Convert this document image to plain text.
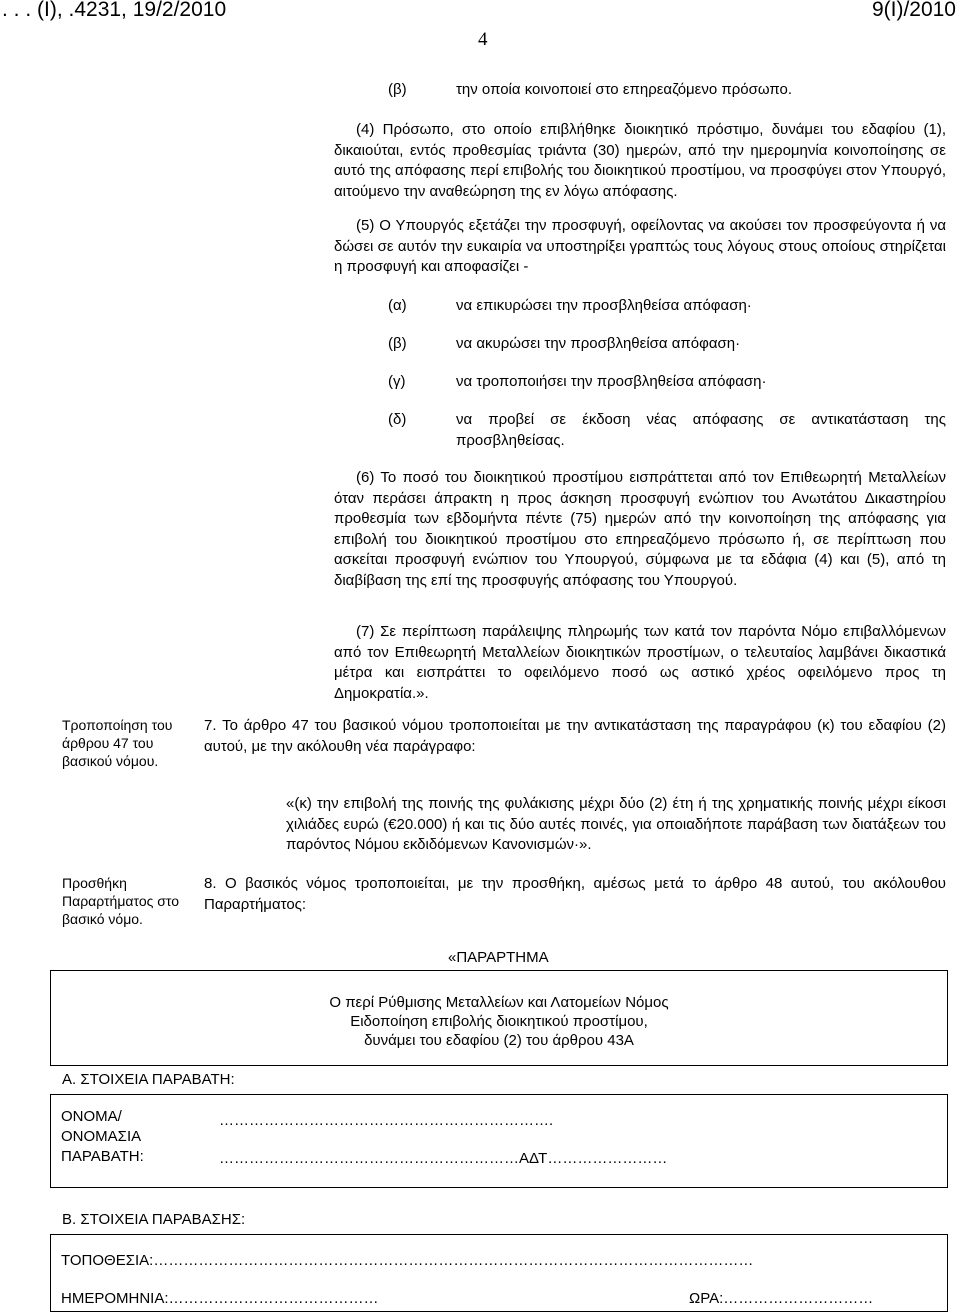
. . . (Ι), .4231, 19/2/2010	9(Ι)/2010
4
(β)	την οποία κοινοποιεί στο επηρεαζόμενο πρόσωπο.

(4) Πρόσωπο, στο οποίο επιβλήθηκε διοικητικό πρόστιμο, δυνάμει του εδαφίου (1), δικαιούται, εντός προθεσμίας τριάντα (30) ημερών, από την ημερομηνία κοινοποίησης σε αυτό της απόφασης περί επιβολής του διοικητικού προστίμου, να προσφύγει στον Υπουργό, αιτούμενο την αναθεώρηση της εν λόγω απόφασης.

(5) Ο Υπουργός εξετάζει την προσφυγή, οφείλοντας να ακούσει τον προσφεύγοντα ή να δώσει σε αυτόν την ευκαιρία να υποστηρίξει γραπτώς τους λόγους στους οποίους στηρίζεται η προσφυγή και αποφασίζει -

(α)	να επικυρώσει την προσβληθείσα απόφαση·
(β)	να ακυρώσει την προσβληθείσα απόφαση·
(γ)	να τροποποιήσει την προσβληθείσα απόφαση·
(δ)	να προβεί σε έκδοση νέας απόφασης σε αντικατάσταση της προσβληθείσας.

(6) Το ποσό του διοικητικού προστίμου εισπράττεται από τον Επιθεωρητή Μεταλλείων όταν περάσει άπρακτη η προς άσκηση προσφυγή ενώπιον του Ανωτάτου Δικαστηρίου προθεσμία των εβδομήντα πέντε (75) ημερών από την κοινοποίηση της απόφασης για επιβολή του διοικητικού προστίμου στο επηρεαζόμενο πρόσωπο ή, σε περίπτωση που ασκείται προσφυγή ενώπιον του Υπουργού, σύμφωνα με τα εδάφια (4) και (5), από τη διαβίβαση της επί της προσφυγής απόφασης του Υπουργού.

(7) Σε περίπτωση παράλειψης πληρωμής των κατά τον παρόντα Νόμο επιβαλλόμενων από τον Επιθεωρητή Μεταλλείων διοικητικών προστίμων, ο τελευταίος λαμβάνει δικαστικά μέτρα και εισπράττει το οφειλόμενο ποσό ως αστικό χρέος οφειλόμενο προς τη Δημοκρατία.».

Τροποποίηση του άρθρου 47 του βασικού νόμου.

7. Το άρθρο 47 του βασικού νόμου τροποποιείται με την αντικατάσταση της παραγράφου (κ) του εδαφίου (2) αυτού, με την ακόλουθη νέα παράγραφο:

«(κ) την επιβολή της ποινής της φυλάκισης μέχρι δύο (2) έτη ή της χρηματικής ποινής μέχρι είκοσι χιλιάδες ευρώ (€20.000) ή και τις δύο αυτές ποινές, για οποιαδήποτε παράβαση των διατάξεων του παρόντος Νόμου εκδιδόμενων Κανονισμών·».

Προσθήκη Παραρτήματος στο βασικό νόμο.

8. Ο βασικός νόμος τροποποιείται, με την προσθήκη, αμέσως μετά το άρθρο 48 αυτού, του ακόλουθου Παραρτήματος:

«ΠΑΡΑΡΤΗΜΑ
Ο περί Ρύθμισης Μεταλλείων και Λατομείων Νόμος
Ειδοποίηση επιβολής διοικητικού προστίμου,
δυνάμει του εδαφίου (2) του άρθρου 43Α
Α. ΣΤΟΙΧΕΙΑ ΠΑΡΑΒΑΤΗ:

ΟΝΟΜΑ/ ΟΝΟΜΑΣΙΑ ΠΑΡΑΒΑΤΗ:

………………………………………………………….
……………………………………………………ΑΔΤ……………………
Β. ΣΤΟΙΧΕΙΑ ΠΑΡΑΒΑΣΗΣ:
ΤΟΠΟΘΕΣΙΑ:…………………………………………………………………………………………………………
ΗΜΕΡΟΜΗΝΙΑ:……………………………………	ΩΡΑ:…………………………
